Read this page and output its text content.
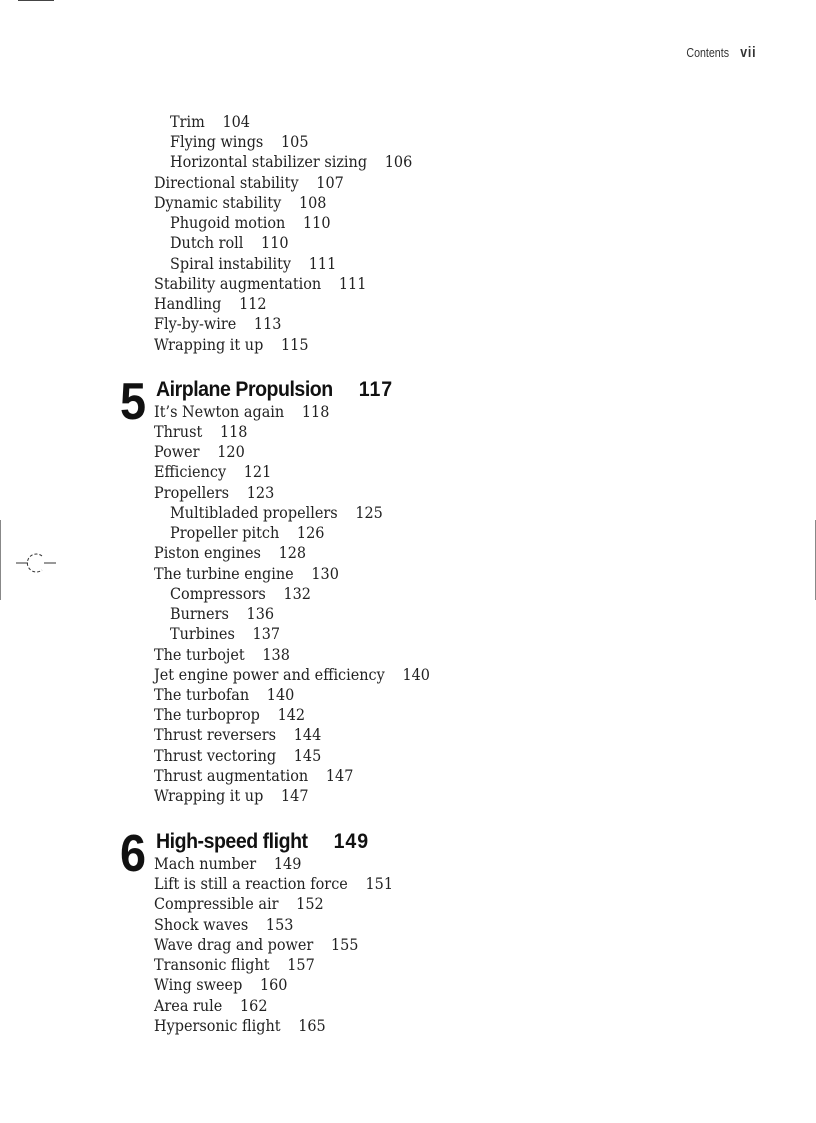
Contents vii
Trim 104
Flying wings 105
Horizontal stabilizer sizing 106
Directional stability 107
Dynamic stability 108
Phugoid motion 110
Dutch roll 110
Spiral instability 111
Stability augmentation 111
Handling 112
Fly-by-wire 113
Wrapping it up 115
5 Airplane Propulsion 117
It’s Newton again 118
Thrust 118
Power 120
Efficiency 121
Propellers 123
Multibladed propellers 125
Propeller pitch 126
Piston engines 128
The turbine engine 130
Compressors 132
Burners 136
Turbines 137
The turbojet 138
Jet engine power and efficiency 140
The turbofan 140
The turboprop 142
Thrust reversers 144
Thrust vectoring 145
Thrust augmentation 147
Wrapping it up 147
6 High-speed flight 149
Mach number 149
Lift is still a reaction force 151
Compressible air 152
Shock waves 153
Wave drag and power 155
Transonic flight 157
Wing sweep 160
Area rule 162
Hypersonic flight 165
